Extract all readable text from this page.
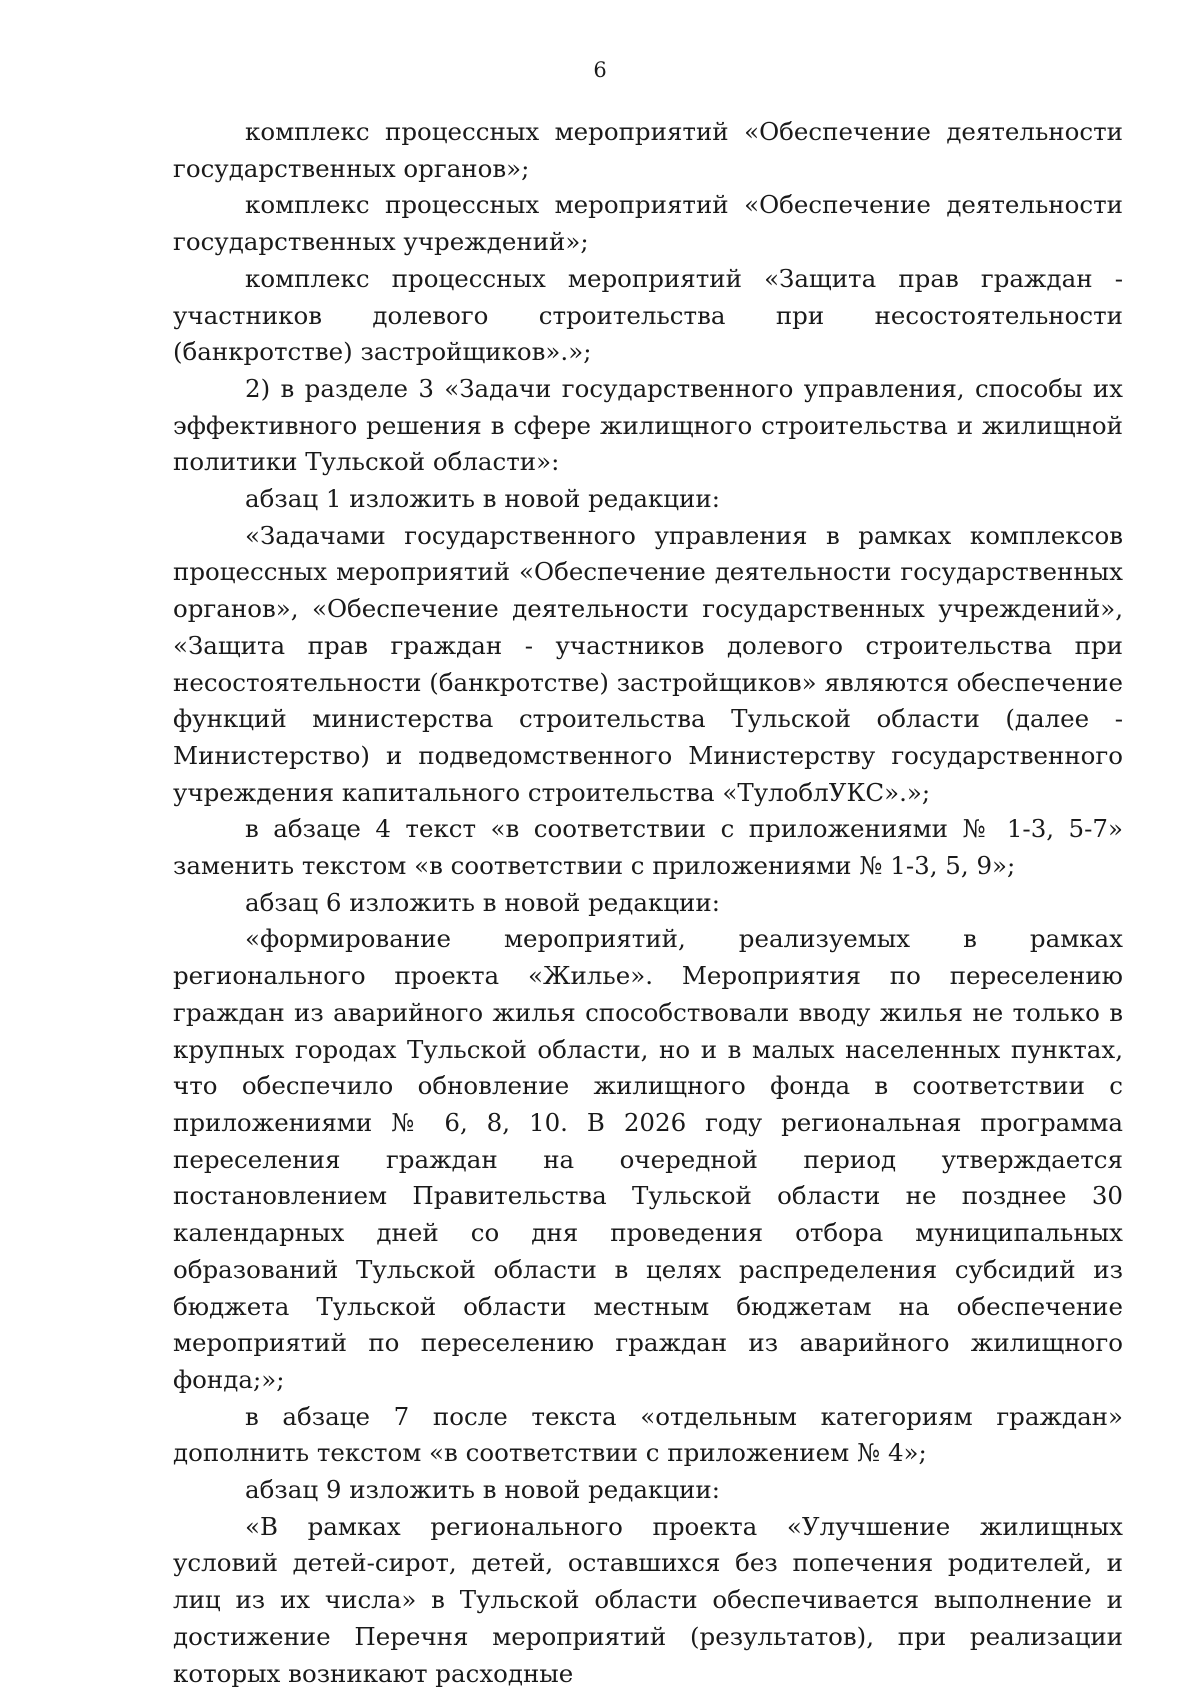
6

комплекс процессных мероприятий «Обеспечение деятельности государственных органов»;

комплекс процессных мероприятий «Обеспечение деятельности государственных учреждений»;

комплекс процессных мероприятий «Защита прав граждан - участников долевого строительства при несостоятельности (банкротстве) застройщиков».»;

2) в разделе 3 «Задачи государственного управления, способы их эффективного решения в сфере жилищного строительства и жилищной политики Тульской области»:

абзац 1 изложить в новой редакции:

«Задачами государственного управления в рамках комплексов процессных мероприятий «Обеспечение деятельности государственных органов», «Обеспечение деятельности государственных учреждений», «Защита прав граждан - участников долевого строительства при несостоятельности (банкротстве) застройщиков» являются обеспечение функций министерства строительства Тульской области (далее - Министерство) и подведомственного Министерству государственного учреждения капитального строительства «ТулоблУКС».»;

в абзаце 4 текст «в соответствии с приложениями № 1-3, 5-7» заменить текстом «в соответствии с приложениями № 1-3, 5, 9»;

абзац 6 изложить в новой редакции:

«формирование мероприятий, реализуемых в рамках регионального проекта «Жилье». Мероприятия по переселению граждан из аварийного жилья способствовали вводу жилья не только в крупных городах Тульской области, но и в малых населенных пунктах, что обеспечило обновление жилищного фонда в соответствии с приложениями № 6, 8, 10. В 2026 году региональная программа переселения граждан на очередной период утверждается постановлением Правительства Тульской области не позднее 30 календарных дней со дня проведения отбора муниципальных образований Тульской области в целях распределения субсидий из бюджета Тульской области местным бюджетам на обеспечение мероприятий по переселению граждан из аварийного жилищного фонда;»;

в абзаце 7 после текста «отдельным категориям граждан» дополнить текстом «в соответствии с приложением № 4»;

абзац 9 изложить в новой редакции:

«В рамках регионального проекта «Улучшение жилищных условий детей-сирот, детей, оставшихся без попечения родителей, и лиц из их числа» в Тульской области обеспечивается выполнение и достижение Перечня мероприятий (результатов), при реализации которых возникают расходные
